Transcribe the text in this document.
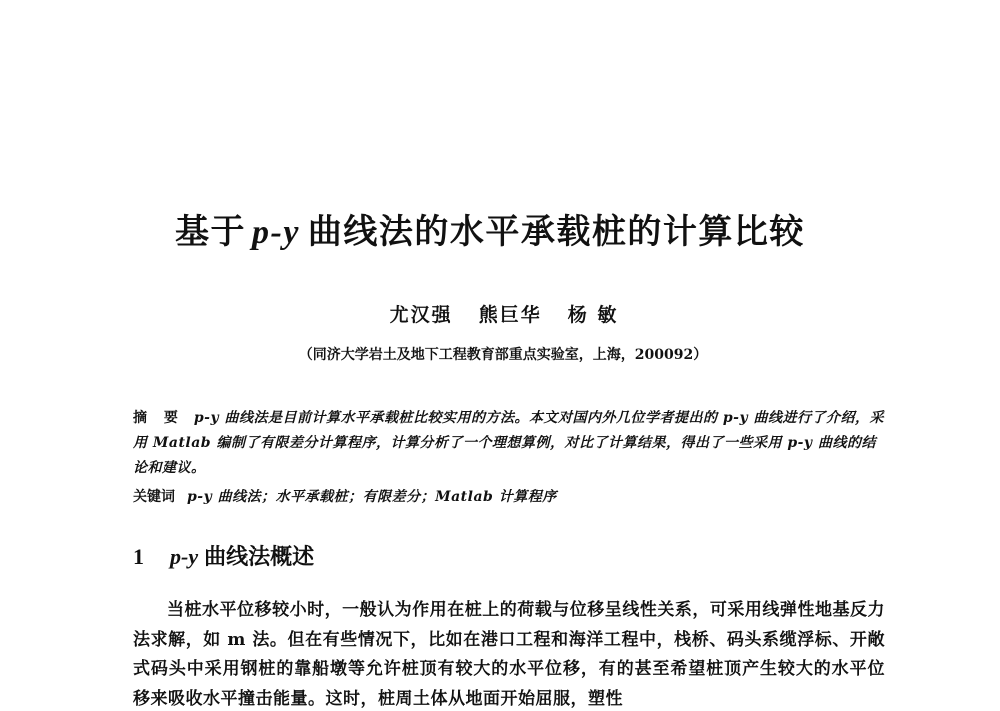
基于 p-y 曲线法的水平承载桩的计算比较
尤汉强 熊巨华 杨 敏
（同济大学岩土及地下工程教育部重点实验室，上海，200092）
摘 要 p-y 曲线法是目前计算水平承载桩比较实用的方法。本文对国内外几位学者提出的 p-y 曲线进行了介绍，采用 Matlab 编制了有限差分计算程序，计算分析了一个理想算例，对比了计算结果，得出了一些采用 p-y 曲线的结论和建议。
关键词 p-y 曲线法；水平承载桩；有限差分；Matlab 计算程序
1 p-y 曲线法概述
当桩水平位移较小时，一般认为作用在桩上的荷载与位移呈线性关系，可采用线弹性地基反力法求解，如 m 法。但在有些情况下，比如在港口工程和海洋工程中，栈桥、码头系缆浮标、开敞式码头中采用钢桩的靠船墩等允许桩顶有较大的水平位移，有的甚至希望桩顶产生较大的水平位移来吸收水平撞击能量。这时，桩周土体从地面开始屈服，塑性
